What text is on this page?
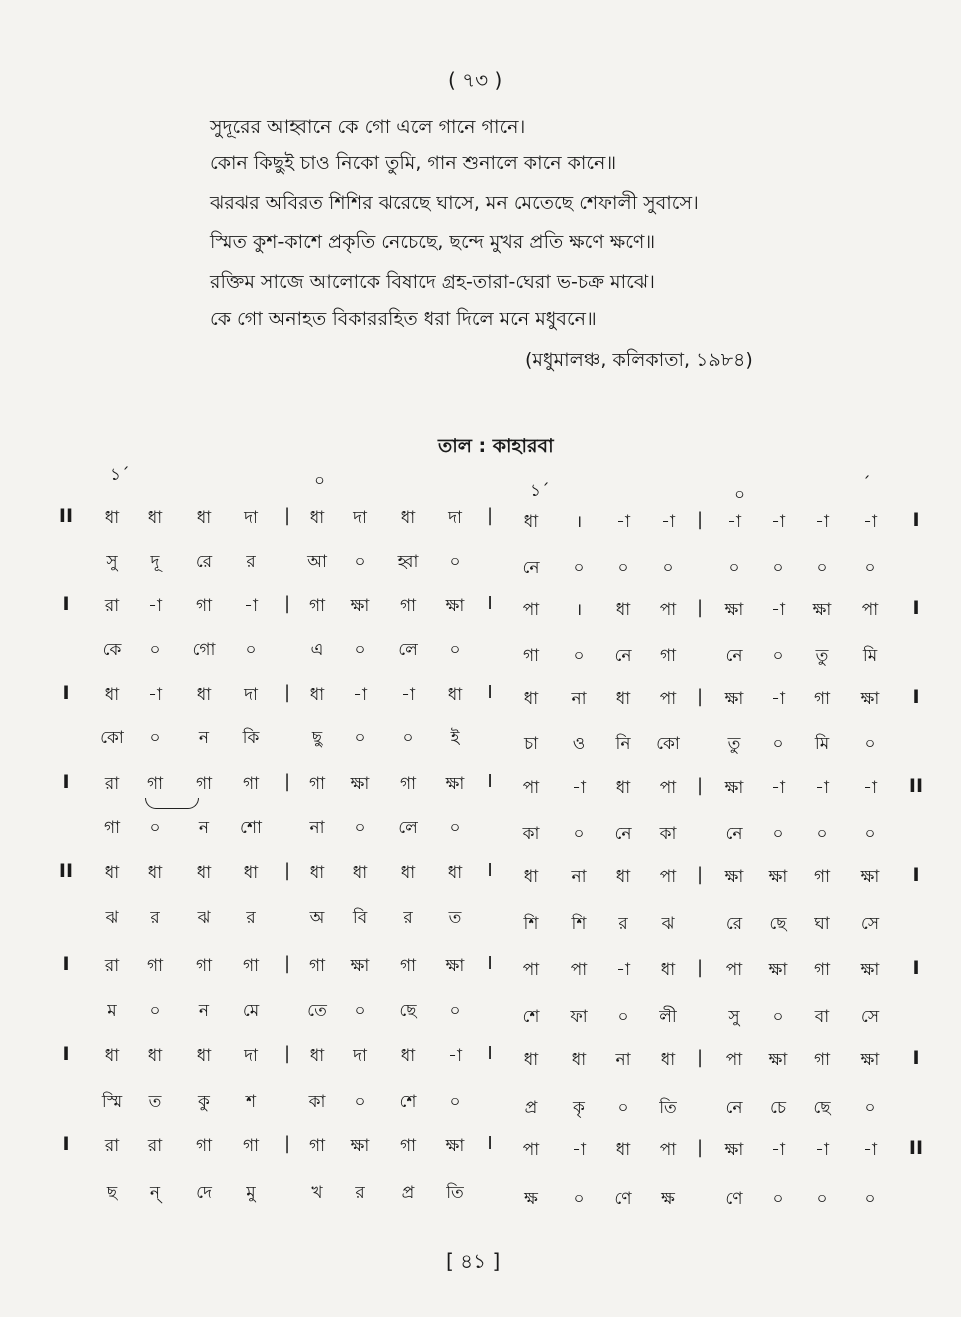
( ৭৩ )
সুদূরের আহ্বানে কে গো এলে গানে গানে।
কোন কিছুই চাও নিকো তুমি, গান শুনালে কানে কানে॥
ঝরঝর অবিরত শিশির ঝরেছে ঘাসে, মন মেতেছে শেফালী সুবাসে।
স্মিত কুশ-কাশে প্রকৃতি নেচেছে, ছন্দে মুখর প্রতি ক্ষণে ক্ষণে॥
রক্তিম সাজে আলোকে বিষাদে গ্রহ-তারা-ঘেরা ভ-চক্র মাঝে।
কে গো অনাহত বিকাররহিত ধরা দিলে মনে মধুবনে॥
(মধুমালঞ্চ, কলিকাতা, ১৯৮৪)
তাল : কাহারবা
১´	০	১´	০
´
II ধা ধা ধা দা | ধা দা ধা দা | ধা । -া -া | -া -া -া -া I
সু দূ রে র	আ ০ হ্বা ০	নে ০ ০ ০	০ ০ ০ ০
I রা -া গা -া | গা ক্ষা গা ক্ষা I পা । ধা পা | ক্ষা -া ক্ষা পা I
কে ০ গো ০	এ ০ লে ০	গা ০ নে গা	নে ০ তু মি
I ধা -া ধা দা | ধা -া -া ধা I ধা না ধা পা | ক্ষা -া গা ক্ষা I
কো ০ ন কি	ছু ০ ০ ই	চা ও নি কো	তু ০ মি ০
I রা গা গা গা | গা ক্ষা গা ক্ষা I পা -া ধা পা | ক্ষা -া -া -া II
গা ০ ন শো	না ০ লে ০	কা ০ নে কা	নে ০ ০ ০
II ধা ধা ধা ধা | ধা ধা ধা ধা I ধা না ধা পা | ক্ষা ক্ষা গা ক্ষা I
ঝ র ঝ র	অ বি র ত	শি শি র ঝ	রে ছে ঘা সে
I রা গা গা গা | গা ক্ষা গা ক্ষা I পা পা -া ধা | পা ক্ষা গা ক্ষা I
ম ০ ন মে	তে ০ ছে ০	শে ফা ০ লী	সু ০ বা সে
I ধা ধা ধা দা | ধা দা ধা -া I ধা ধা না ধা | পা ক্ষা গা ক্ষা I
স্মি ত কু শ	কা ০ শে ০	প্র কৃ ০ তি	নে চে ছে ০
I রা রা গা গা | গা ক্ষা গা ক্ষা I পা -া ধা পা | ক্ষা -া -া -া II
ছ ন্ দে মু	খ র প্র তি	ক্ষ ০ ণে ক্ষ	ণে ০ ০ ০
[ ৪১ ]
